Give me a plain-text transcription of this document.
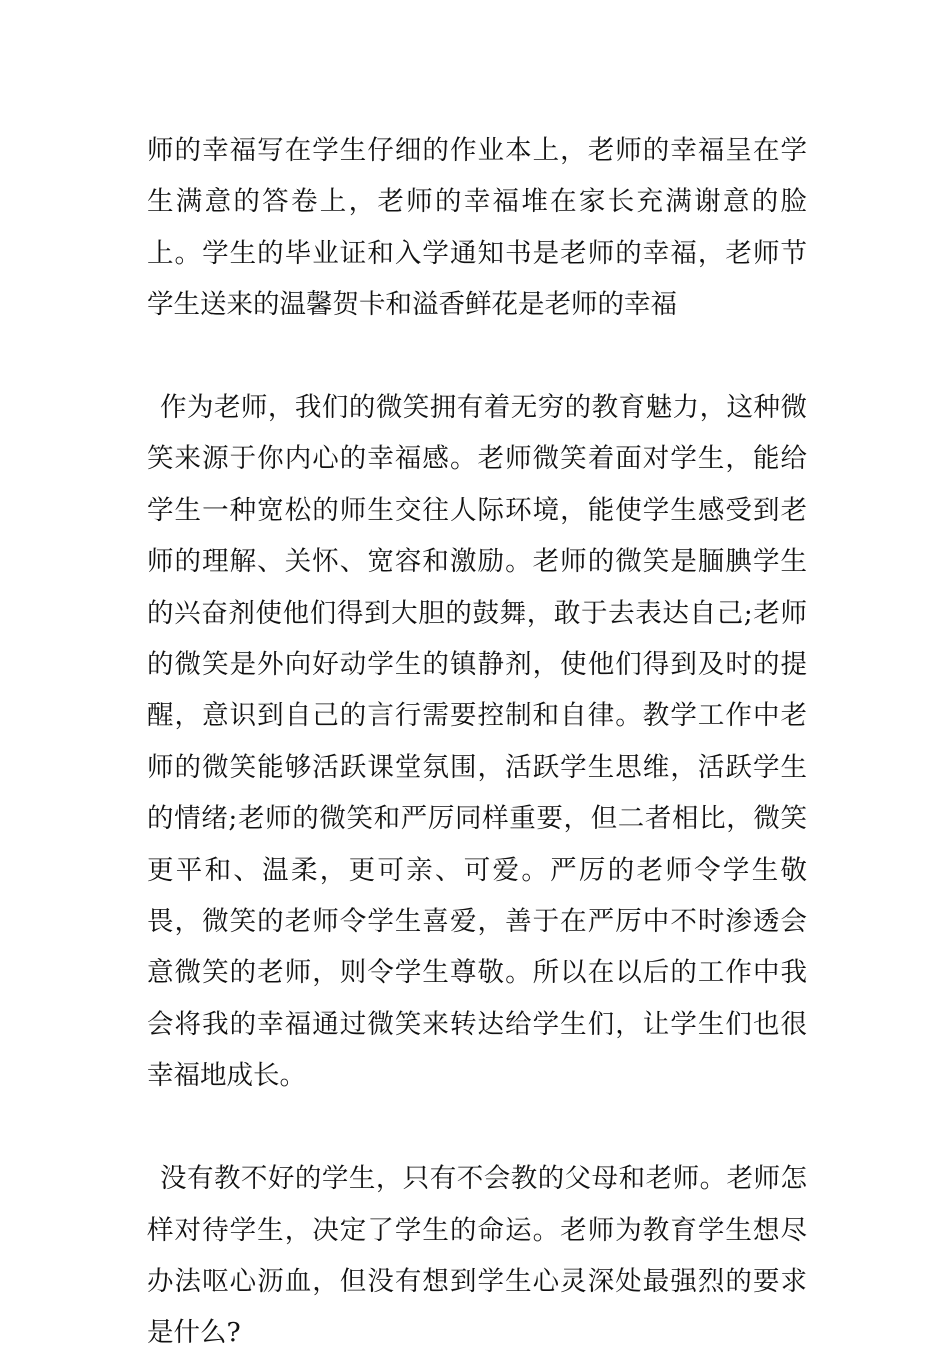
师的幸福写在学生仔细的作业本上，老师的幸福呈在学生满意的答卷上，老师的幸福堆在家长充满谢意的脸上。学生的毕业证和入学通知书是老师的幸福，老师节学生送来的温馨贺卡和溢香鲜花是老师的幸福

作为老师，我们的微笑拥有着无穷的教育魅力，这种微笑来源于你内心的幸福感。老师微笑着面对学生，能给学生一种宽松的师生交往人际环境，能使学生感受到老师的理解、关怀、宽容和激励。老师的微笑是腼腆学生的兴奋剂使他们得到大胆的鼓舞，敢于去表达自己;老师的微笑是外向好动学生的镇静剂，使他们得到及时的提醒，意识到自己的言行需要控制和自律。教学工作中老师的微笑能够活跃课堂氛围，活跃学生思维，活跃学生的情绪;老师的微笑和严厉同样重要，但二者相比，微笑更平和、温柔，更可亲、可爱。严厉的老师令学生敬畏，微笑的老师令学生喜爱，善于在严厉中不时渗透会意微笑的老师，则令学生尊敬。所以在以后的工作中我会将我的幸福通过微笑来转达给学生们，让学生们也很幸福地成长。

没有教不好的学生，只有不会教的父母和老师。老师怎样对待学生，决定了学生的命运。老师为教育学生想尽办法呕心沥血，但没有想到学生心灵深处最强烈的要求是什么?
